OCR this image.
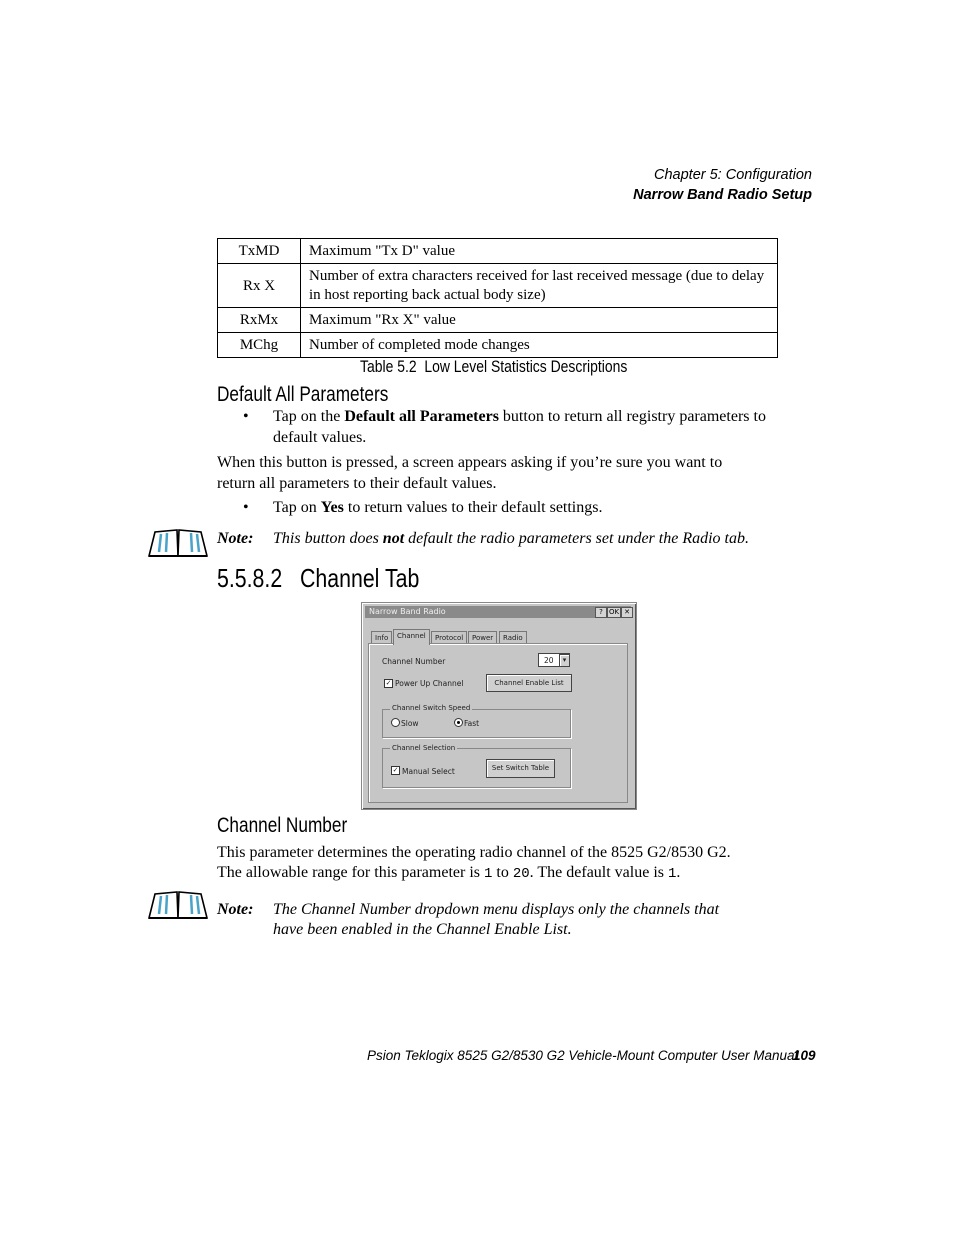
Chapter 5: Configuration
Narrow Band Radio Setup
TxMD	Maximum "Tx D" value
Rx X	Number of extra characters received for last received message (due to delay in host reporting back actual body size)
RxMx	Maximum "Rx X" value
MChg	Number of completed mode changes
Table 5.2  Low Level Statistics Descriptions
Default All Parameters
• Tap on the Default all Parameters button to return all registry parameters to default values.
When this button is pressed, a screen appears asking if you’re sure you want to return all parameters to their default values.
• Tap on Yes to return values to their default settings.
Note: This button does not default the radio parameters set under the Radio tab.
5.5.8.2 Channel Tab
Narrow Band Radio	? OK ✕
Info	Channel	Protocol	Power	Radio
Channel Number	20	▾
✓ Power Up Channel	Channel Enable List
Channel Switch Speed
Slow	Fast
Channel Selection
✓ Manual Select	Set Switch Table
Channel Number
This parameter determines the operating radio channel of the 8525 G2/8530 G2.
The allowable range for this parameter is 1 to 20. The default value is 1.
Note: The Channel Number dropdown menu displays only the channels that
have been enabled in the Channel Enable List.
Psion Teklogix 8525 G2/8530 G2 Vehicle-Mount Computer User Manual
109
